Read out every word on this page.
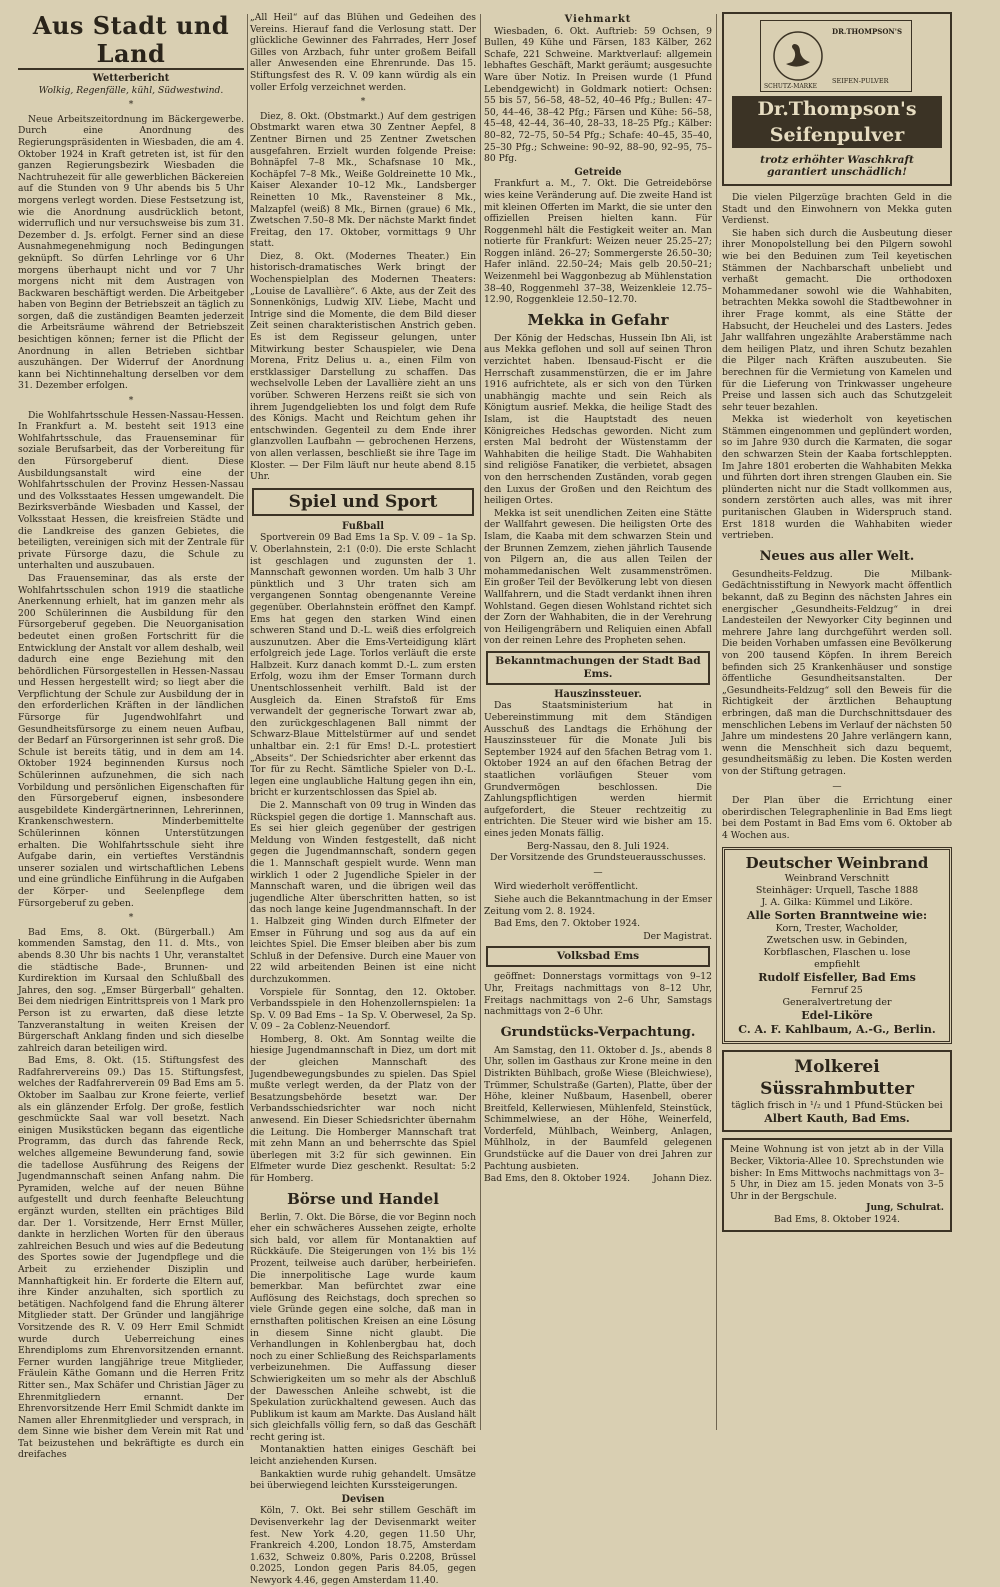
Aus Stadt und Land
Wetterbericht
Wolkig, Regenfälle, kühl, Südwestwind.
*

Neue Arbeitszeitordnung im Bäckergewerbe. Durch eine Anordnung des Regierungspräsidenten in Wiesbaden, die am 4. Oktober 1924 in Kraft getreten ist, ist für den ganzen Regierungsbezirk Wiesbaden die Nachtruhezeit für alle gewerblichen Bäckereien auf die Stunden von 9 Uhr abends bis 5 Uhr morgens verlegt worden. Diese Festsetzung ist, wie die Anordnung ausdrücklich betont, widerruflich und nur versuchsweise bis zum 31. Dezember d. Js. erfolgt. Ferner sind an diese Ausnahmegenehmigung noch Bedingungen geknüpft. So dürfen Lehrlinge vor 6 Uhr morgens überhaupt nicht und vor 7 Uhr morgens nicht mit dem Austragen von Backwaren beschäftigt werden. Die Arbeitgeber haben von Beginn der Betriebszeit an täglich zu sorgen, daß die zuständigen Beamten jederzeit die Arbeitsräume während der Betriebszeit besichtigen können; ferner ist die Pflicht der Anordnung in allen Betrieben sichtbar auszuhängen. Der Widerruf der Anordnung kann bei Nichtinnehaltung derselben vor dem 31. Dezember erfolgen.

*

Die Wohlfahrtsschule Hessen-Nassau-Hessen. In Frankfurt a. M. besteht seit 1913 eine Wohlfahrtsschule, das Frauenseminar für soziale Berufsarbeit, das der Vorbereitung für den Fürsorgeberuf dient. Diese Ausbildungsanstalt wird eine der Wohlfahrtsschulen der Provinz Hessen-Nassau und des Volksstaates Hessen umgewandelt. Die Bezirksverbände Wiesbaden und Kassel, der Volksstaat Hessen, die kreisfreien Städte und die Landkreise des ganzen Gebietes, die beteiligten, vereinigen sich mit der Zentrale für private Fürsorge dazu, die Schule zu unterhalten und auszubauen.

Das Frauenseminar, das als erste der Wohlfahrtsschulen schon 1919 die staatliche Anerkennung erhielt, hat im ganzen mehr als 200 Schülerinnen die Ausbildung für den Fürsorgeberuf gegeben. Die Neuorganisation bedeutet einen großen Fortschritt für die Entwicklung der Anstalt vor allem deshalb, weil dadurch eine enge Beziehung mit den behördlichen Fürsorgestellen in Hessen-Nassau und Hessen hergestellt wird; so liegt aber die Verpflichtung der Schule zur Ausbildung der in den erforderlichen Kräften in der ländlichen Fürsorge für Jugendwohlfahrt und Gesundheitsfürsorge zu einem neuen Aufbau, der Bedarf an Fürsorgerinnen ist sehr groß. Die Schule ist bereits tätig, und in dem am 14. Oktober 1924 beginnenden Kursus noch Schülerinnen aufzunehmen, die sich nach Vorbildung und persönlichen Eigenschaften für den Fürsorgeberuf eignen, insbesondere ausgebildete Kindergärtnerinnen, Lehrerinnen, Krankenschwestern. Minderbemittelte Schülerinnen können Unterstützungen erhalten. Die Wohlfahrtsschule sieht ihre Aufgabe darin, ein vertieftes Verständnis unserer sozialen und wirtschaftlichen Lebens und eine gründliche Einführung in die Aufgaben der Körper- und Seelenpflege dem Fürsorgeberuf zu geben.

*

Bad Ems, 8. Okt. (Bürgerball.) Am kommenden Samstag, den 11. d. Mts., von abends 8.30 Uhr bis nachts 1 Uhr, veranstaltet die städtische Bade-, Brunnen- und Kurdirektion im Kursaal den Schlußball des Jahres, den sog. „Emser Bürgerball“ gehalten. Bei dem niedrigen Eintrittspreis von 1 Mark pro Person ist zu erwarten, daß diese letzte Tanzveranstaltung in weiten Kreisen der Bürgerschaft Anklang finden und sich dieselbe zahlreich daran beteiligen wird.

Bad Ems, 8. Okt. (15. Stiftungsfest des Radfahrervereins 09.) Das 15. Stiftungsfest, welches der Radfahrerverein 09 Bad Ems am 5. Oktober im Saalbau zur Krone feierte, verlief als ein glänzender Erfolg. Der große, festlich geschmückte Saal war voll besetzt. Nach einigen Musikstücken begann das eigentliche Programm, das durch das fahrende Reck, welches allgemeine Bewunderung fand, sowie die tadellose Ausführung des Reigens der Jugendmannschaft seinen Anfang nahm. Die Pyramiden, welche auf der neuen Bühne aufgestellt und durch feenhafte Beleuchtung ergänzt wurden, stellten ein prächtiges Bild dar. Der 1. Vorsitzende, Herr Ernst Müller, dankte in herzlichen Worten für den überaus zahlreichen Besuch und wies auf die Bedeutung des Sportes sowie der Jugendpflege und die Arbeit zu erziehender Disziplin und Mannhaftigkeit hin. Er forderte die Eltern auf, ihre Kinder anzuhalten, sich sportlich zu betätigen. Nachfolgend fand die Ehrung älterer Mitglieder statt. Der Gründer und langjährige Vorsitzende des R. V. 09 Herr Emil Schmidt wurde durch Ueberreichung eines Ehrendiploms zum Ehrenvorsitzenden ernannt. Ferner wurden langjährige treue Mitglieder, Fräulein Käthe Gomann und die Herren Fritz Ritter sen., Max Schäfer und Christian Jäger zu Ehrenmitgliedern ernannt. Der Ehrenvorsitzende Herr Emil Schmidt dankte im Namen aller Ehrenmitglieder und versprach, in dem Sinne wie bisher dem Verein mit Rat und Tat beizustehen und bekräftigte es durch ein dreifaches

„All Heil“ auf das Blühen und Gedeihen des Vereins. Hierauf fand die Verlosung statt. Der glückliche Gewinner des Fahrrades, Herr Josef Gilles von Arzbach, fuhr unter großem Beifall aller Anwesenden eine Ehrenrunde. Das 15. Stiftungsfest des R. V. 09 kann würdig als ein voller Erfolg verzeichnet werden.

*

Diez, 8. Okt. (Obstmarkt.) Auf dem gestrigen Obstmarkt waren etwa 30 Zentner Aepfel, 8 Zentner Birnen und 25 Zentner Zwetschen ausgefahren. Erzielt wurden folgende Preise: Bohnäpfel 7–8 Mk., Schafsnase 10 Mk., Kochäpfel 7–8 Mk., Weiße Goldreinette 10 Mk., Kaiser Alexander 10–12 Mk., Landsberger Reinetten 10 Mk., Ravensteiner 8 Mk., Malzapfel (weiß) 8 Mk., Birnen (graue) 6 Mk., Zwetschen 7.50–8 Mk. Der nächste Markt findet Freitag, den 17. Oktober, vormittags 9 Uhr statt.

Diez, 8. Okt. (Modernes Theater.) Ein historisch-dramatisches Werk bringt der Wochenspielplan des Modernen Theaters: „Louise de Lavallière“. 6 Akte, aus der Zeit des Sonnenkönigs, Ludwig XIV. Liebe, Macht und Intrige sind die Momente, die dem Bild dieser Zeit seinen charakteristischen Anstrich geben. Es ist dem Regisseur gelungen, unter Mitwirkung bester Schauspieler, wie Dena Morena, Fritz Delius u. a., einen Film von erstklassiger Darstellung zu schaffen. Das wechselvolle Leben der Lavallière zieht an uns vorüber. Schweren Herzens reißt sie sich von ihrem Jugendgeliebten los und folgt dem Rufe des Königs. Macht und Reichtum gehen ihr entschwinden. Gegenteil zu dem Ende ihrer glanzvollen Laufbahn — gebrochenen Herzens, von allen verlassen, beschließt sie ihre Tage im Kloster. — Der Film läuft nur heute abend 8.15 Uhr.

Spiel und Sport
Fußball

Sportverein 09 Bad Ems 1a Sp. V. 09 – 1a Sp. V. Oberlahnstein, 2:1 (0:0). Die erste Schlacht ist geschlagen und zugunsten der 1. Mannschaft gewonnen worden. Um halb 3 Uhr pünktlich und 3 Uhr traten sich am vergangenen Sonntag obengenannte Vereine gegenüber. Oberlahnstein eröffnet den Kampf. Ems hat gegen den starken Wind einen schweren Stand und D.-L. weiß dies erfolgreich auszunutzen. Aber die Ems-Verteidigung klärt erfolgreich jede Lage. Torlos verläuft die erste Halbzeit. Kurz danach kommt D.-L. zum ersten Erfolg, wozu ihm der Emser Tormann durch Unentschlossenheit verhilft. Bald ist der Ausgleich da. Einen Strafstoß für Ems verwandelt der gegnerische Torwart zwar ab, den zurückgeschlagenen Ball nimmt der Schwarz-Blaue Mittelstürmer auf und sendet unhaltbar ein. 2:1 für Ems! D.-L. protestiert „Abseits“. Der Schiedsrichter aber erkennt das Tor für zu Recht. Sämtliche Spieler von D.-L. legen eine unglaubliche Haltung gegen ihn ein, bricht er kurzentschlossen das Spiel ab.

Die 2. Mannschaft von 09 trug in Winden das Rückspiel gegen die dortige 1. Mannschaft aus. Es sei hier gleich gegenüber der gestrigen Meldung von Winden festgestellt, daß nicht gegen die Jugendmannschaft, sondern gegen die 1. Mannschaft gespielt wurde. Wenn man wirklich 1 oder 2 Jugendliche Spieler in der Mannschaft waren, und die übrigen weil das jugendliche Alter überschritten hatten, so ist das noch lange keine Jugendmannschaft. In der 1. Halbzeit ging Winden durch Elfmeter der Emser in Führung und sog aus da auf ein leichtes Spiel. Die Emser bleiben aber bis zum Schluß in der Defensive. Durch eine Mauer von 22 wild arbeitenden Beinen ist eine nicht durchzukommen.

Vorspiele für Sonntag, den 12. Oktober. Verbandsspiele in den Hohenzollernspielen: 1a Sp. V. 09 Bad Ems – 1a Sp. V. Oberwesel, 2a Sp. V. 09 – 2a Coblenz-Neuendorf.

Homberg, 8. Okt. Am Sonntag weilte die hiesige Jugendmannschaft in Diez, um dort mit der gleichen Mannschaft des Jugendbewegungsbundes zu spielen. Das Spiel mußte verlegt werden, da der Platz von der Besatzungsbehörde besetzt war. Der Verbandsschiedsrichter war noch nicht anwesend. Ein Dieser Schiedsrichter übernahm die Leitung. Die Homberger Mannschaft trat mit zehn Mann an und beherrschte das Spiel überlegen mit 3:2 für sich gewinnen. Ein Elfmeter wurde Diez geschenkt. Resultat: 5:2 für Homberg.

Börse und Handel

Berlin, 7. Okt. Die Börse, die vor Beginn noch eher ein schwächeres Aussehen zeigte, erholte sich bald, vor allem für Montanaktien auf Rückkäufe. Die Steigerungen von 1½ bis 1½ Prozent, teilweise auch darüber, herbeiriefen. Die innerpolitische Lage wurde kaum bemerkbar. Man befürchtet zwar eine Auflösung des Reichstags, doch sprechen so viele Gründe gegen eine solche, daß man in ernsthaften politischen Kreisen an eine Lösung in diesem Sinne nicht glaubt. Die Verhandlungen in Kohlenbergbau hat, doch noch zu einer Schließung des Reichsparlaments verbeizunehmen. Die Auffassung dieser Schwierigkeiten um so mehr als der Abschluß der Dawesschen Anleihe schwebt, ist die Spekulation zurückhaltend gewesen. Auch das Publikum ist kaum am Markte. Das Ausland hält sich gleichfalls völlig fern, so daß das Geschäft recht gering ist.

Montanaktien hatten einiges Geschäft bei leicht anziehenden Kursen.

Bankaktien wurde ruhig gehandelt. Umsätze bei überwiegend leichten Kurssteigerungen.

Devisen

Köln, 7. Okt. Bei sehr stillem Geschäft im Devisenverkehr lag der Devisenmarkt weiter fest. New York 4.20, gegen 11.50 Uhr, Frankreich 4.200, London 18.75, Amsterdam 1.632, Schweiz 0.80%, Paris 0.2208, Brüssel 0.2025, London gegen Paris 84.05, gegen Newyork 4.46, gegen Amsterdam 11.40.

Viehmarkt

Wiesbaden, 6. Okt. Auftrieb: 59 Ochsen, 9 Bullen, 49 Kühe und Färsen, 183 Kälber, 262 Schafe, 221 Schweine. Marktverlauf: allgemein lebhaftes Geschäft, Markt geräumt; ausgesuchte Ware über Notiz. In Preisen wurde (1 Pfund Lebendgewicht) in Goldmark notiert: Ochsen: 55 bis 57, 56–58, 48–52, 40–46 Pfg.; Bullen: 47–50, 44–46, 38–42 Pfg.; Färsen und Kühe: 56–58, 45–48, 42–44, 36–40, 28–33, 18–25 Pfg.; Kälber: 80–82, 72–75, 50–54 Pfg.; Schafe: 40–45, 35–40, 25–30 Pfg.; Schweine: 90–92, 88–90, 92–95, 75–80 Pfg.

Getreide

Frankfurt a. M., 7. Okt. Die Getreidebörse wies keine Veränderung auf. Die zweite Hand ist mit kleinen Offerten im Markt, die sie unter den offiziellen Preisen hielten kann. Für Roggenmehl hält die Festigkeit weiter an. Man notierte für Frankfurt: Weizen neuer 25.25–27; Roggen inländ. 26–27; Sommergerste 26.50–30; Hafer inländ. 22.50–24; Mais gelb 20.50–21; Weizenmehl bei Waggonbezug ab Mühlenstation 38–40, Roggenmehl 37–38, Weizenkleie 12.75–12.90, Roggenkleie 12.50–12.70.

Mekka in Gefahr

Der König der Hedschas, Hussein Ibn Ali, ist aus Mekka geflohen und soll auf seinen Thron verzichtet haben. Ibensaud-Fischt er die Herrschaft zusammenstürzen, die er im Jahre 1916 aufrichtete, als er sich von den Türken unabhängig machte und sein Reich als Königtum ausrief. Mekka, die heilige Stadt des Islam, ist die Hauptstadt des neuen Königreiches Hedschas geworden. Nicht zum ersten Mal bedroht der Wüstenstamm der Wahhabiten die heilige Stadt. Die Wahhabiten sind religiöse Fanatiker, die verbietet, absagen von den herrschenden Zuständen, vorab gegen den Luxus der Großen und den Reichtum des heiligen Ortes.

Mekka ist seit unendlichen Zeiten eine Stätte der Wallfahrt gewesen. Die heiligsten Orte des Islam, die Kaaba mit dem schwarzen Stein und der Brunnen Zemzem, ziehen jährlich Tausende von Pilgern an, die aus allen Teilen der mohammedanischen Welt zusammenströmen. Ein großer Teil der Bevölkerung lebt von diesen Wallfahrern, und die Stadt verdankt ihnen ihren Wohlstand. Gegen diesen Wohlstand richtet sich der Zorn der Wahhabiten, die in der Verehrung von Heiligengräbern und Reliquien einen Abfall von der reinen Lehre des Propheten sehen.

Bekanntmachungen der Stadt Bad Ems.
Hauszinssteuer.

Das Staatsministerium hat in Uebereinstimmung mit dem Ständigen Ausschuß des Landtags die Erhöhung der Hauszinssteuer für die Monate Juli bis September 1924 auf den 5fachen Betrag vom 1. Oktober 1924 an auf den 6fachen Betrag der staatlichen vorläufigen Steuer vom Grundvermögen beschlossen. Die Zahlungspflichtigen werden hiermit aufgefordert, die Steuer rechtzeitig zu entrichten. Die Steuer wird wie bisher am 15. eines jeden Monats fällig.

Berg-Nassau, den 8. Juli 1924.
Der Vorsitzende des Grundsteuerausschusses.
—

Wird wiederholt veröffentlicht.

Siehe auch die Bekanntmachung in der Emser Zeitung vom 2. 8. 1924.

Bad Ems, den 7. Oktober 1924.

Der Magistrat.
Volksbad Ems

geöffnet: Donnerstags vormittags von 9–12 Uhr, Freitags nachmittags von 8–12 Uhr, Freitags nachmittags von 2–6 Uhr, Samstags nachmittags von 2–6 Uhr.

Grundstücks-Verpachtung.

Am Samstag, den 11. Oktober d. Js., abends 8 Uhr, sollen im Gasthaus zur Krone meine in den Distrikten Bühlbach, große Wiese (Bleichwiese), Trümmer, Schulstraße (Garten), Platte, über der Höhe, kleiner Nußbaum, Hasenbell, oberer Breitfeld, Kellerwiesen, Mühlenfeld, Steinstück, Schimmelwiese, an der Höhe, Weinerfeld, Vorderfeld, Mühlbach, Weinberg, Anlagen, Mühlholz, in der Baumfeld gelegenen Grundstücke auf die Dauer von drei Jahren zur Pachtung ausbieten.

Bad Ems, den 8. Oktober 1924.	Johann Diez.
SCHUTZ-MARKE
DR.THOMPSON'S
SEIFEN-PULVER
Dr.Thompson's
Seifenpulver
trotz erhöhter Waschkraft garantiert unschädlich!

Die vielen Pilgerzüge brachten Geld in die Stadt und den Einwohnern von Mekka guten Verdienst.

Sie haben sich durch die Ausbeutung dieser ihrer Monopolstellung bei den Pilgern sowohl wie bei den Beduinen zum Teil keyetischen Stämmen der Nachbarschaft unbeliebt und verhaßt gemacht. Die orthodoxen Mohammedaner sowohl wie die Wahhabiten, betrachten Mekka sowohl die Stadtbewohner in ihrer Frage kommt, als eine Stätte der Habsucht, der Heuchelei und des Lasters. Jedes Jahr wallfahren ungezählte Araberstämme nach dem heiligen Platz, und ihren Schutz bezahlen die Pilger nach Kräften auszubeuten. Sie berechnen für die Vermietung von Kamelen und für die Lieferung von Trinkwasser ungeheure Preise und lassen sich auch das Schutzgeleit sehr teuer bezahlen.

Mekka ist wiederholt von keyetischen Stämmen eingenommen und geplündert worden, so im Jahre 930 durch die Karmaten, die sogar den schwarzen Stein der Kaaba fortschleppten. Im Jahre 1801 eroberten die Wahhabiten Mekka und führten dort ihren strengen Glauben ein. Sie plünderten nicht nur die Stadt vollkommen aus, sondern zerstörten auch alles, was mit ihrer puritanischen Glauben in Widerspruch stand. Erst 1818 wurden die Wahhabiten wieder vertrieben.

Neues aus aller Welt.

Gesundheits-Feldzug. Die Milbank-Gedächtnisstiftung in Newyork macht öffentlich bekannt, daß zu Beginn des nächsten Jahres ein energischer „Gesundheits-Feldzug“ in drei Landesteilen der Newyorker City beginnen und mehrere Jahre lang durchgeführt werden soll. Die beiden Vorhaben umfassen eine Bevölkerung von 200 tausend Köpfen. In ihrem Bereich befinden sich 25 Krankenhäuser und sonstige öffentliche Gesundheitsanstalten. Der „Gesundheits-Feldzug“ soll den Beweis für die Richtigkeit der ärztlichen Behauptung erbringen, daß man die Durchschnittsdauer des menschlichen Lebens im Verlauf der nächsten 50 Jahre um mindestens 20 Jahre verlängern kann, wenn die Menschheit sich dazu bequemt, gesundheitsmäßig zu leben. Die Kosten werden von der Stiftung getragen.

—

Der Plan über die Errichtung einer oberirdischen Telegraphenlinie in Bad Ems liegt bei dem Postamt in Bad Ems vom 6. Oktober ab 4 Wochen aus.

Deutscher Weinbrand
Weinbrand Verschnitt
Steinhäger: Urquell, Tasche 1888
J. A. Gilka: Kümmel und Liköre.
Alle Sorten Branntweine wie:
Korn, Trester, Wacholder,
Zwetschen usw. in Gebinden,
Korbflaschen, Flaschen u. lose
empfiehlt
Rudolf Eisfeller, Bad Ems
Fernruf 25
Generalvertretung der
Edel-Liköre
C. A. F. Kahlbaum, A.-G., Berlin.
Molkerei Süssrahmbutter
täglich frisch in ¹/₂ und 1 Pfund-Stücken bei
Albert Kauth, Bad Ems.
Meine Wohnung ist von jetzt ab in der Villa Becker, Viktoria-Allee 10. Sprechstunden wie bisher: In Ems Mittwochs nachmittags von 3–5 Uhr, in Diez am 15. jeden Monats von 3–5 Uhr in der Bergschule.
Jung, Schulrat.
Bad Ems, 8. Oktober 1924.
